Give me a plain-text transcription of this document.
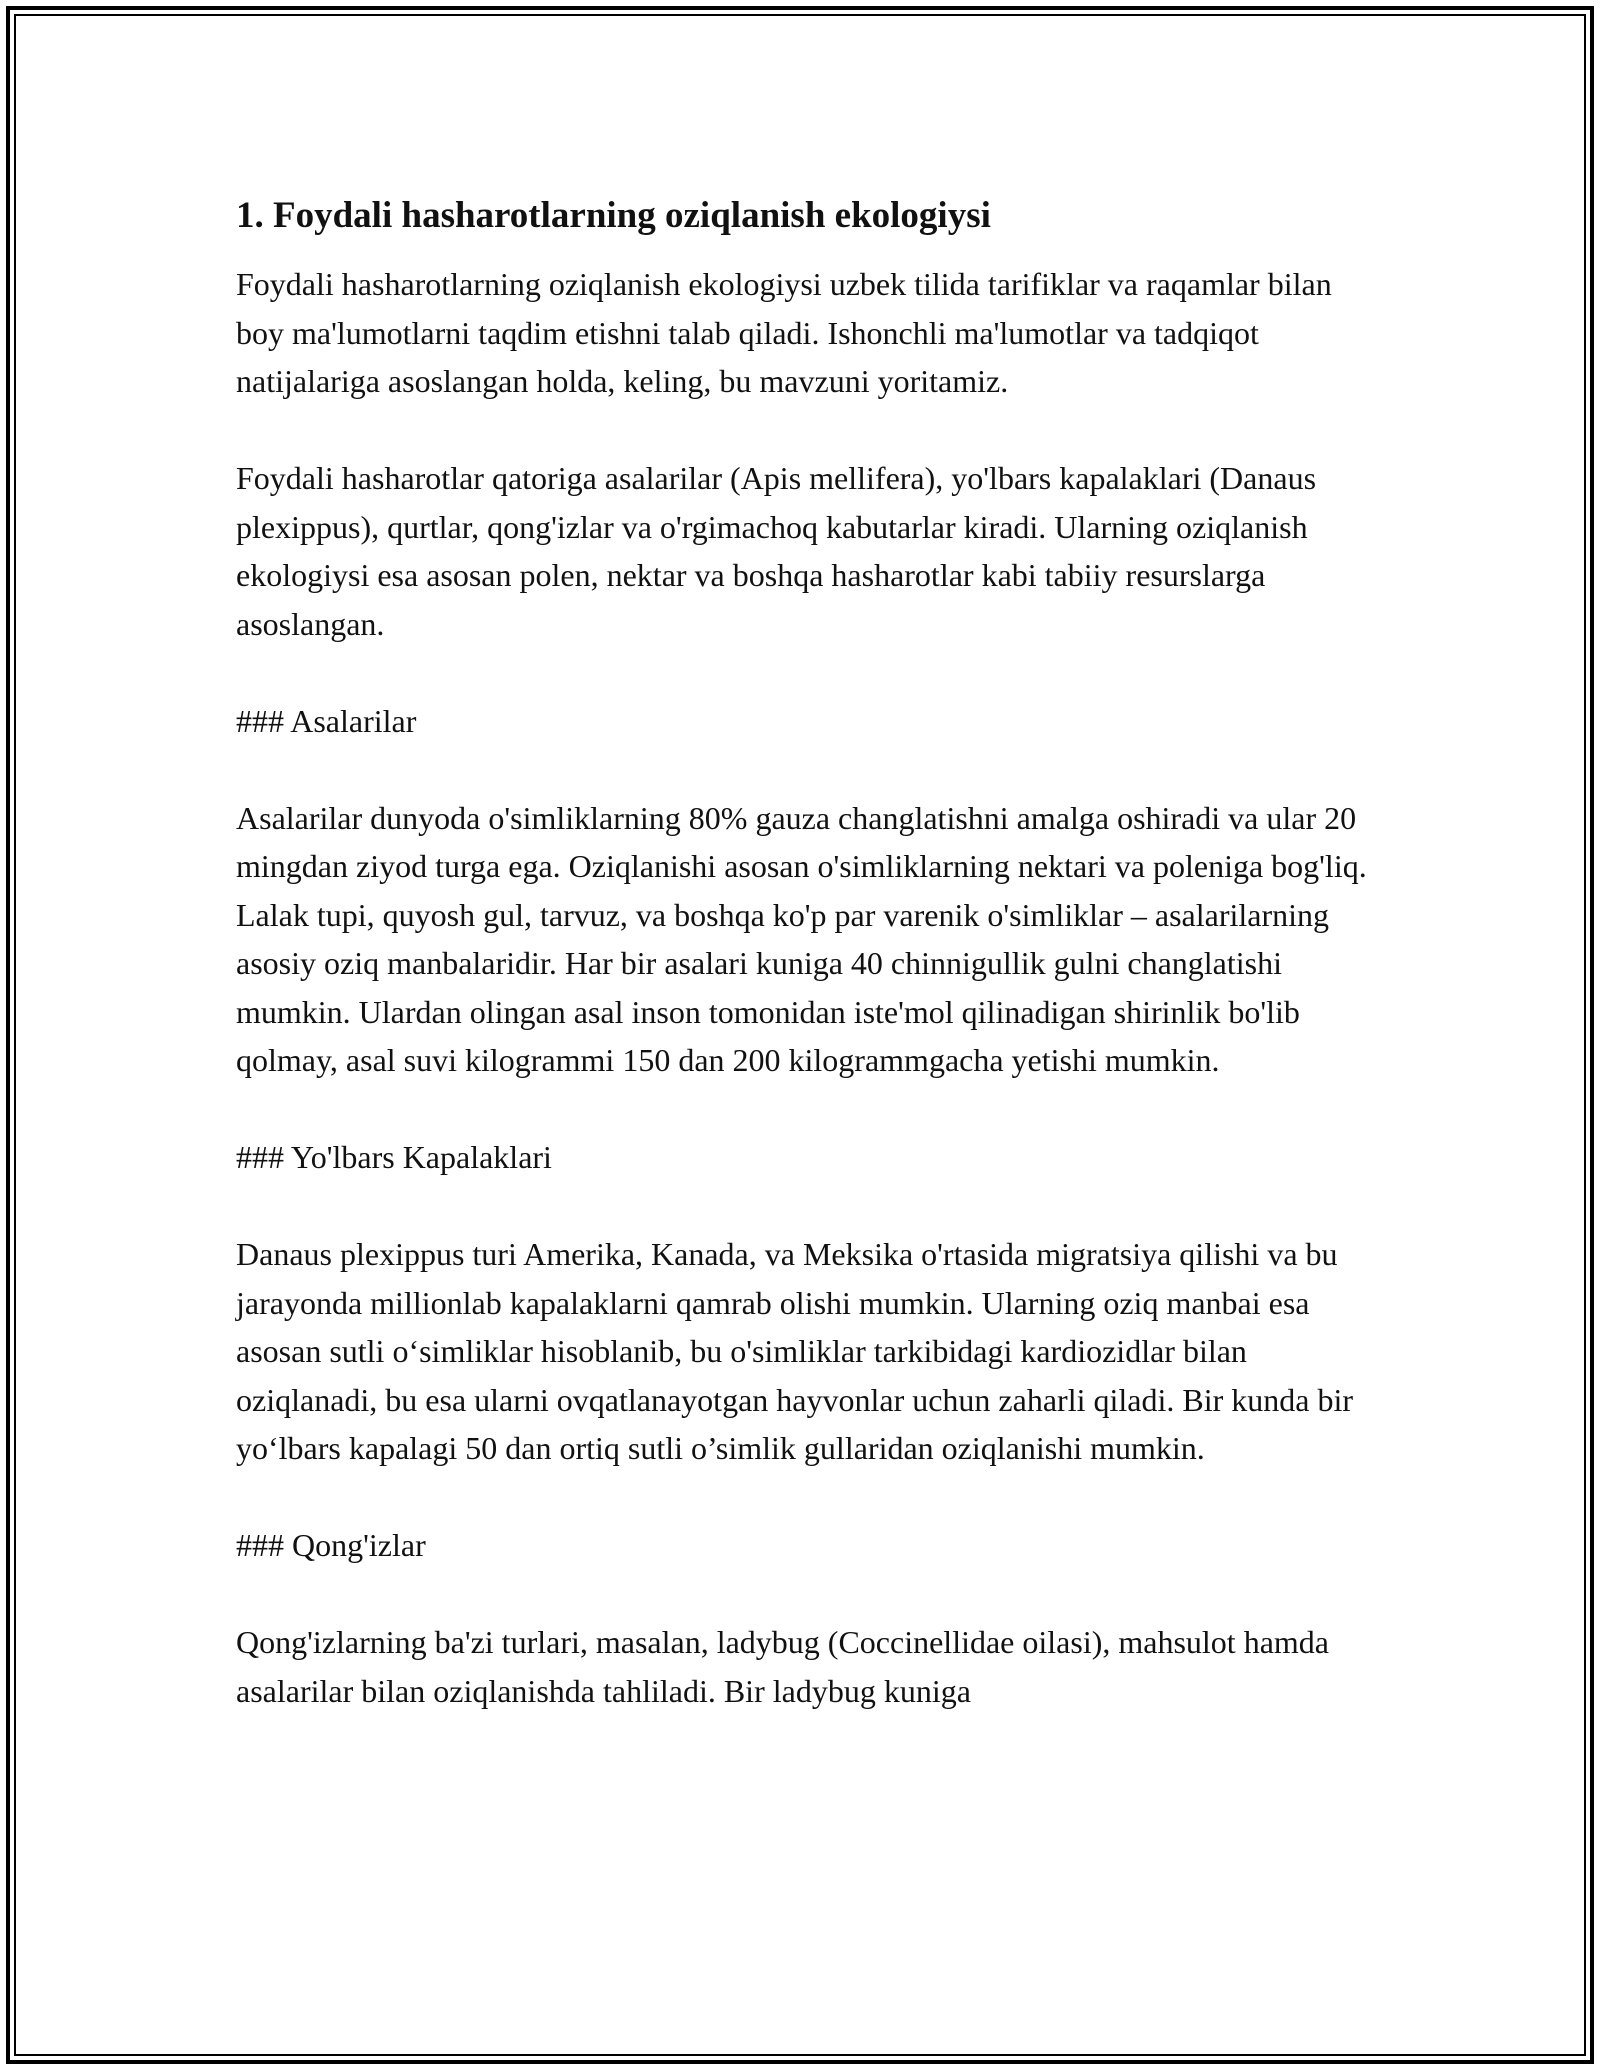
1. Foydali hasharotlarning oziqlanish ekologiysi

Foydali hasharotlarning oziqlanish ekologiysi uzbek tilida tarifiklar va raqamlar bilan boy ma'lumotlarni taqdim etishni talab qiladi. Ishonchli ma'lumotlar va tadqiqot natijalariga asoslangan holda, keling, bu mavzuni yoritamiz.

Foydali hasharotlar qatoriga asalarilar (Apis mellifera), yo'lbars kapalaklari (Danaus plexippus), qurtlar, qong'izlar va o'rgimachoq kabutarlar kiradi. Ularning oziqlanish ekologiysi esa asosan polen, nektar va boshqa hasharotlar kabi tabiiy resurslarga asoslangan.

### Asalarilar

Asalarilar dunyoda o'simliklarning 80% gauza changlatishni amalga oshiradi va ular 20 mingdan ziyod turga ega. Oziqlanishi asosan o'simliklarning nektari va poleniga bog'liq. Lalak tupi, quyosh gul, tarvuz, va boshqa ko'p par varenik o'simliklar – asalarilarning asosiy oziq manbalaridir. Har bir asalari kuniga 40 chinnigullik gulni changlatishi mumkin. Ulardan olingan asal inson tomonidan iste'mol qilinadigan shirinlik bo'lib qolmay, asal suvi kilogrammi 150 dan 200 kilogrammgacha yetishi mumkin.

### Yo'lbars Kapalaklari

Danaus plexippus turi Amerika, Kanada, va Meksika o'rtasida migratsiya qilishi va bu jarayonda millionlab kapalaklarni qamrab olishi mumkin. Ularning oziq manbai esa asosan sutli o‘simliklar hisoblanib, bu o'simliklar tarkibidagi kardiozidlar bilan oziqlanadi, bu esa ularni ovqatlanayotgan hayvonlar uchun zaharli qiladi. Bir kunda bir yo‘lbars kapalagi 50 dan ortiq sutli o’simlik gullaridan oziqlanishi mumkin.

### Qong'izlar

Qong'izlarning ba'zi turlari, masalan, ladybug (Coccinellidae oilasi), mahsulot hamda asalarilar bilan oziqlanishda tahliladi. Bir ladybug kuniga
